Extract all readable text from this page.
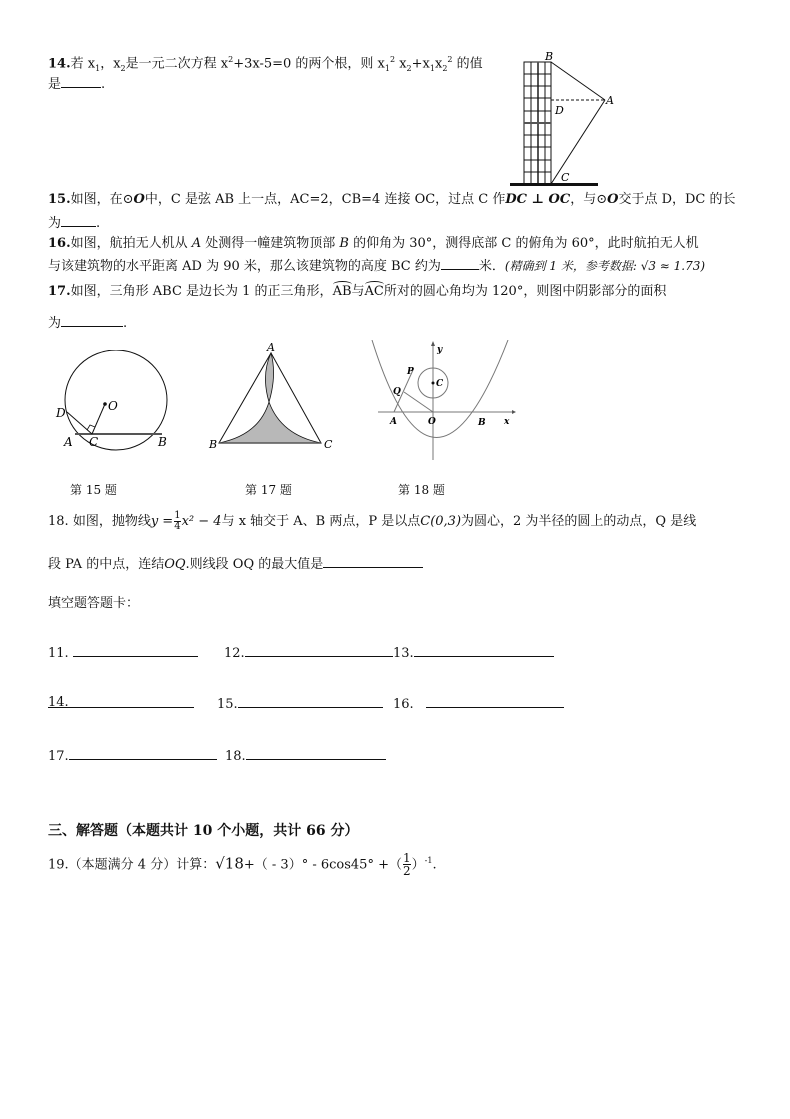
14.若 $x_1$，$x_2$是一元二次方程 $x^2+3x-5=0$ 的两个根，则 $x_1^2$ $x_2+x_1x_2^2$ 的值
是	.
B
A
D
C
15.如图，在⊙O中，C 是弦 AB 上一点，AC=2，CB=4 连接 OC，过点 C 作DC ⊥ OC，与⊙O交于点 D，DC 的长
为	.
16.如图，航拍无人机从 A 处测得一幢建筑物顶部 B 的仰角为 30°，测得底部 C 的俯角为 60°，此时航拍无人机
与该建筑物的水平距离 AD 为 90 米，那么该建筑物的高度 BC 约为	米．(精确到 1 米，参考数据: √3 ≈ 1.73)
17.如图，三角形 ABC 是边长为 1 的正三角形，AB与AC所对的圆心角均为 120°，则图中阴影部分的面积
为	.
O
D
A C	B
A
B	C
y
P
C
Q
A	O	B x
第 15 题	第 17 题	第 18 题
18. 如图，抛物线$y = \frac{1}{4} x^2 - 4$与 x 轴交于 A、B 两点，P 是以点C(0,3)为圆心，2 为半径的圆上的动点，Q 是线
段 PA 的中点，连结OQ.则线段 OQ 的最大值是
填空题答题卡：
11.	12.	13.
14.	15.	16.
17.	18.
三、解答题（本题共计 10 个小题，共计 66 分）
19.（本题满分 4 分）计算：√18+（ - 3）° - 6cos45° +（ $\frac{1}{2} )^{-1}$.
